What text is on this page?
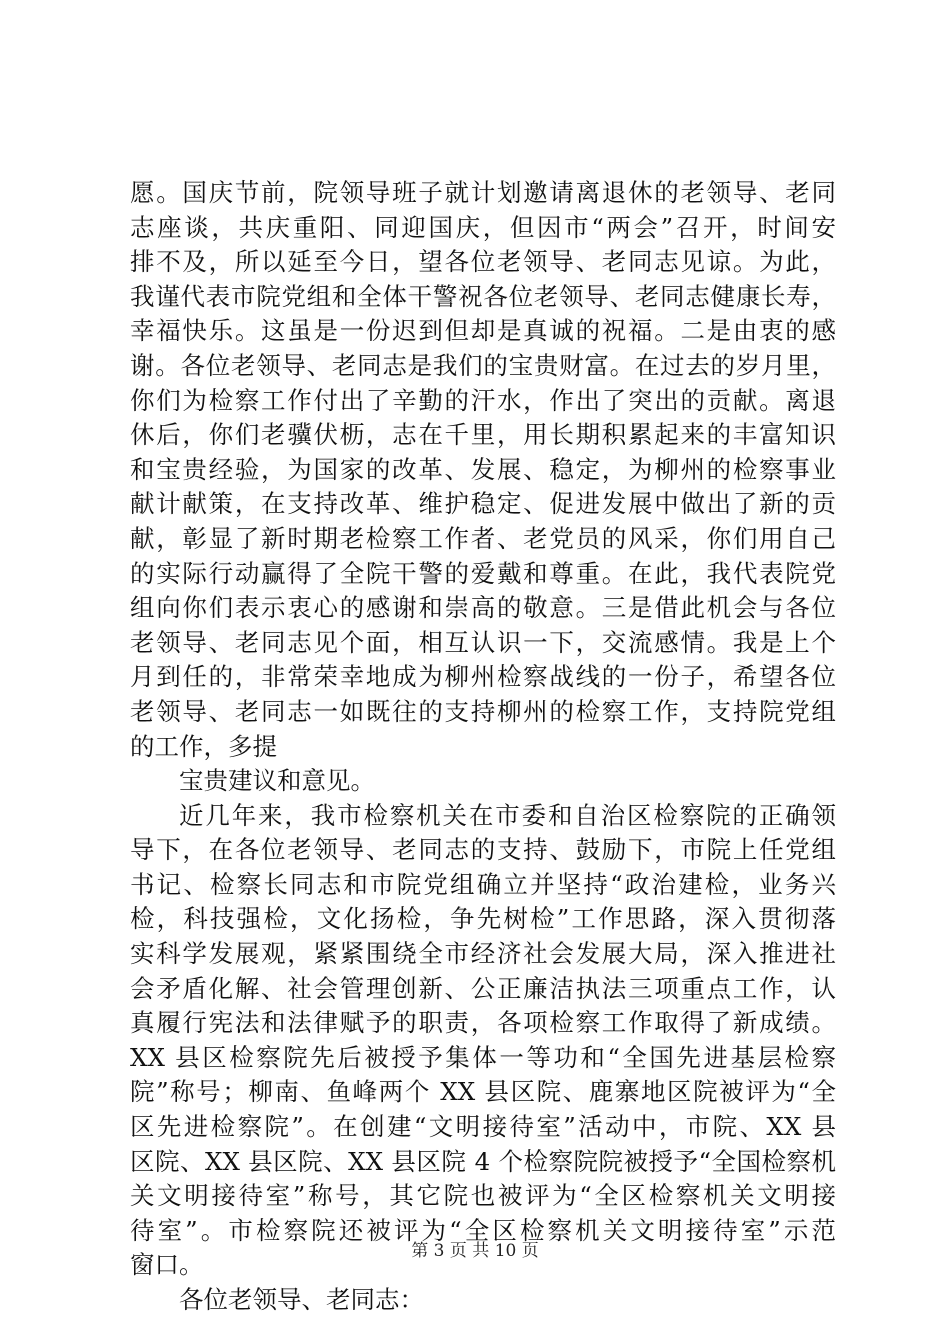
愿。国庆节前，院领导班子就计划邀请离退休的老领导、老同
志座谈，共庆重阳、同迎国庆，但因市“两会”召开，时间安
排不及，所以延至今日，望各位老领导、老同志见谅。为此，
我谨代表市院党组和全体干警祝各位老领导、老同志健康长寿，
幸福快乐。这虽是一份迟到但却是真诚的祝福。二是由衷的感
谢。各位老领导、老同志是我们的宝贵财富。在过去的岁月里，
你们为检察工作付出了辛勤的汗水，作出了突出的贡献。离退
休后，你们老骥伏枥，志在千里，用长期积累起来的丰富知识
和宝贵经验，为国家的改革、发展、稳定，为柳州的检察事业
献计献策，在支持改革、维护稳定、促进发展中做出了新的贡
献，彰显了新时期老检察工作者、老党员的风采，你们用自己
的实际行动赢得了全院干警的爱戴和尊重。在此，我代表院党
组向你们表示衷心的感谢和崇高的敬意。三是借此机会与各位
老领导、老同志见个面，相互认识一下，交流感情。我是上个
月到任的，非常荣幸地成为柳州检察战线的一份子，希望各位
老领导、老同志一如既往的支持柳州的检察工作，支持院党组
的工作，多提
宝贵建议和意见。
近几年来，我市检察机关在市委和自治区检察院的正确领
导下，在各位老领导、老同志的支持、鼓励下，市院上任党组
书记、检察长同志和市院党组确立并坚持“政治建检，业务兴
检，科技强检，文化扬检，争先树检”工作思路，深入贯彻落
实科学发展观，紧紧围绕全市经济社会发展大局，深入推进社
会矛盾化解、社会管理创新、公正廉洁执法三项重点工作，认
真履行宪法和法律赋予的职责，各项检察工作取得了新成绩。
XX 县区检察院先后被授予集体一等功和“全国先进基层检察
院”称号；柳南、鱼峰两个 XX 县区院、鹿寨地区院被评为“全
区先进检察院”。在创建“文明接待室”活动中，市院、XX 县
区院、XX 县区院、XX 县区院 4 个检察院院被授予“全国检察机
关文明接待室”称号，其它院也被评为“全区检察机关文明接
待室”。市检察院还被评为“全区检察机关文明接待室”示范
窗口。
各位老领导、老同志：
第 3 页 共 10 页
